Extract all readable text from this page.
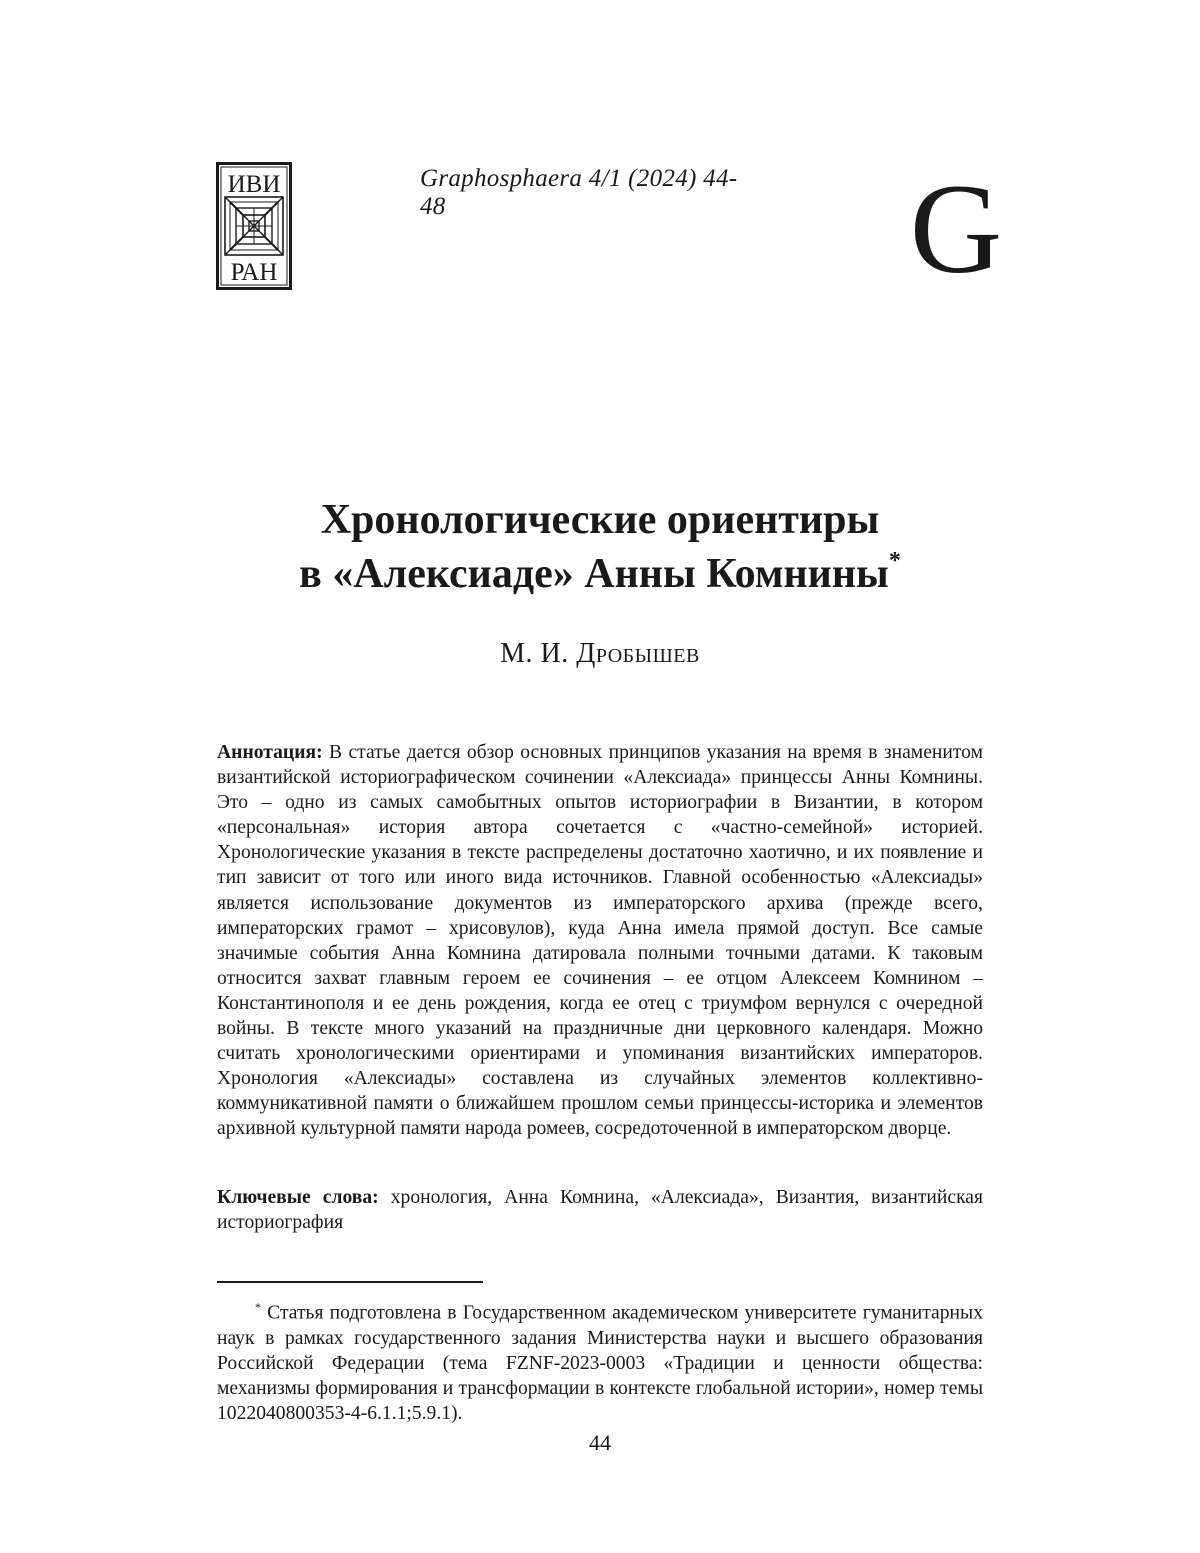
ИВИ
РАН
Graphosphaera 4/1 (2024) 44-48	G
Хронологические ориентиры
в «Алексиаде» Анны Комнины*
М. И. Дробышев
Аннотация: В статье дается обзор основных принципов указания на время в знаменитом византийской историографическом сочинении «Алексиада» принцессы Анны Комнины. Это – одно из самых самобытных опытов историографии в Византии, в котором «персональная» история автора сочетается с «частно-семейной» историей. Хронологические указания в тексте распределены достаточно хаотично, и их появление и тип зависит от того или иного вида источников. Главной особенностью «Алексиады» является использование документов из императорского архива (прежде всего, императорских грамот – хрисовулов), куда Анна имела прямой доступ. Все самые значимые события Анна Комнина датировала полными точными датами. К таковым относится захват главным героем ее сочинения – ее отцом Алексеем Комнином – Константинополя и ее день рождения, когда ее отец с триумфом вернулся с очередной войны. В тексте много указаний на праздничные дни церковного календаря. Можно считать хронологическими ориентирами и упоминания византийских императоров. Хронология «Алексиады» составлена из случайных элементов коллективно-коммуникативной памяти о ближайшем прошлом семьи принцессы-историка и элементов архивной культурной памяти народа ромеев, сосредоточенной в императорском дворце.
Ключевые слова: хронология, Анна Комнина, «Алексиада», Византия, византийская историография
* Статья подготовлена в Государственном академическом университете гуманитарных наук в рамках государственного задания Министерства науки и высшего образования Российской Федерации (тема FZNF-2023-0003 «Традиции и ценности общества: механизмы формирования и трансформации в контексте глобальной истории», номер темы 1022040800353-4-6.1.1;5.9.1).
44
